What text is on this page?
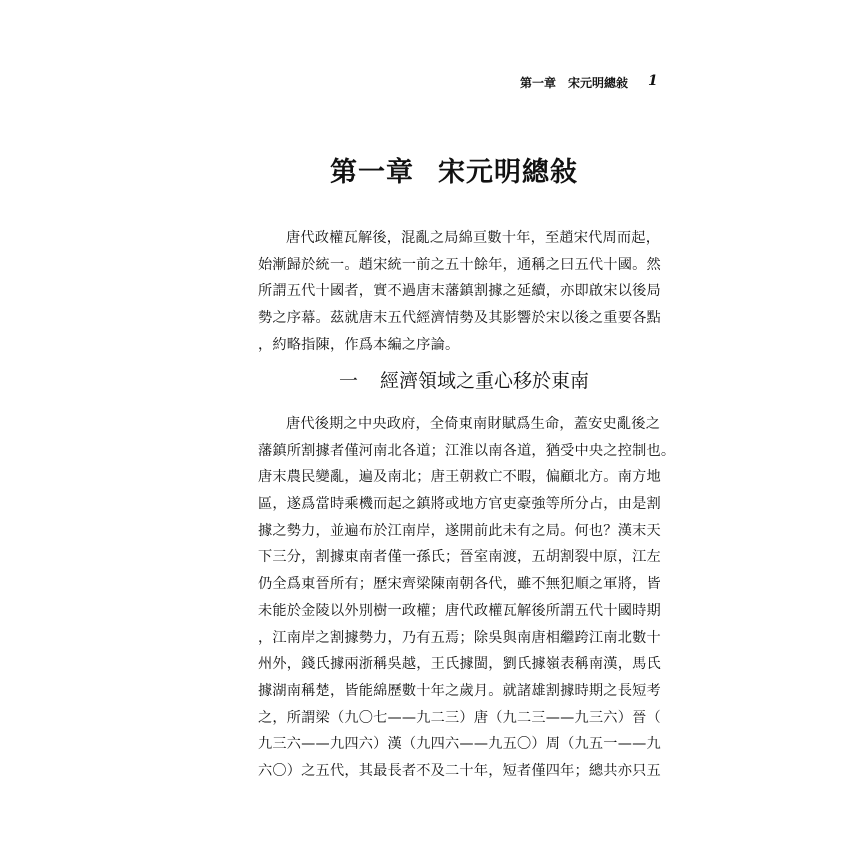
第一章 宋元明總敍 1
第一章 宋元明總敍
唐代政權瓦解後，混亂之局綿亘數十年，至趙宋代周而起，
始漸歸於統一。趙宋統一前之五十餘年，通稱之曰五代十國。然
所謂五代十國者，實不過唐末藩鎮割據之延續，亦即啟宋以後局
勢之序幕。茲就唐末五代經濟情勢及其影響於宋以後之重要各點
，約略指陳，作爲本編之序論。
一 經濟領域之重心移於東南
唐代後期之中央政府，全倚東南財賦爲生命，蓋安史亂後之
藩鎮所割據者僅河南北各道；江淮以南各道，猶受中央之控制也。
唐末農民變亂，遍及南北；唐王朝救亡不暇，偏顧北方。南方地
區，遂爲當時乘機而起之鎮將或地方官吏豪強等所分占，由是割
據之勢力，並遍布於江南岸，遂開前此未有之局。何也？漢末天
下三分，割據東南者僅一孫氏；晉室南渡，五胡割裂中原，江左
仍全爲東晉所有；歷宋齊梁陳南朝各代，雖不無犯順之軍將，皆
未能於金陵以外別樹一政權；唐代政權瓦解後所謂五代十國時期
，江南岸之割據勢力，乃有五焉；除吳與南唐相繼跨江南北數十
州外，錢氏據兩浙稱吳越，王氏據閩，劉氏據嶺表稱南漢，馬氏
據湖南稱楚，皆能綿歷數十年之歲月。就諸雄割據時期之長短考
之，所謂梁（九〇七——九二三）唐（九二三——九三六）晉（
九三六——九四六）漢（九四六——九五〇）周（九五一——九
六〇）之五代，其最長者不及二十年，短者僅四年；總共亦只五
